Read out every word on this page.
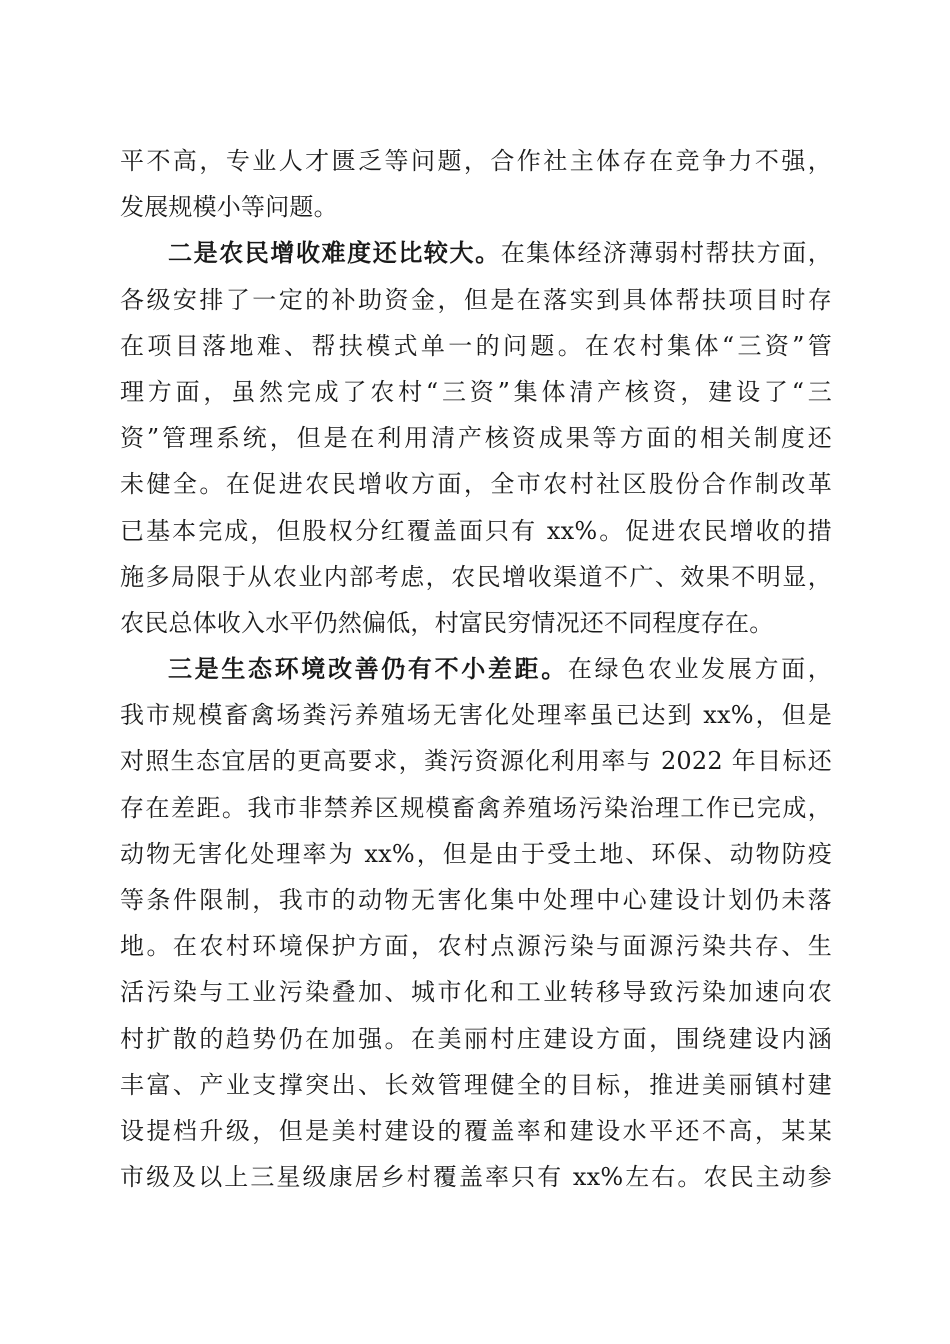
平不高，专业人才匮乏等问题，合作社主体存在竞争力不强，
发展规模小等问题。
二是农民增收难度还比较大。在集体经济薄弱村帮扶方面，
各级安排了一定的补助资金，但是在落实到具体帮扶项目时存
在项目落地难、帮扶模式单一的问题。在农村集体“三资”管
理方面，虽然完成了农村“三资”集体清产核资，建设了“三
资”管理系统，但是在利用清产核资成果等方面的相关制度还
未健全。在促进农民增收方面，全市农村社区股份合作制改革
已基本完成，但股权分红覆盖面只有 xx%。促进农民增收的措
施多局限于从农业内部考虑，农民增收渠道不广、效果不明显，
农民总体收入水平仍然偏低，村富民穷情况还不同程度存在。
三是生态环境改善仍有不小差距。在绿色农业发展方面，
我市规模畜禽场粪污养殖场无害化处理率虽已达到 xx%，但是
对照生态宜居的更高要求，粪污资源化利用率与 2022 年目标还
存在差距。我市非禁养区规模畜禽养殖场污染治理工作已完成，
动物无害化处理率为 xx%，但是由于受土地、环保、动物防疫
等条件限制，我市的动物无害化集中处理中心建设计划仍未落
地。在农村环境保护方面，农村点源污染与面源污染共存、生
活污染与工业污染叠加、城市化和工业转移导致污染加速向农
村扩散的趋势仍在加强。在美丽村庄建设方面，围绕建设内涵
丰富、产业支撑突出、长效管理健全的目标，推进美丽镇村建
设提档升级，但是美村建设的覆盖率和建设水平还不高，某某
市级及以上三星级康居乡村覆盖率只有 xx%左右。农民主动参
